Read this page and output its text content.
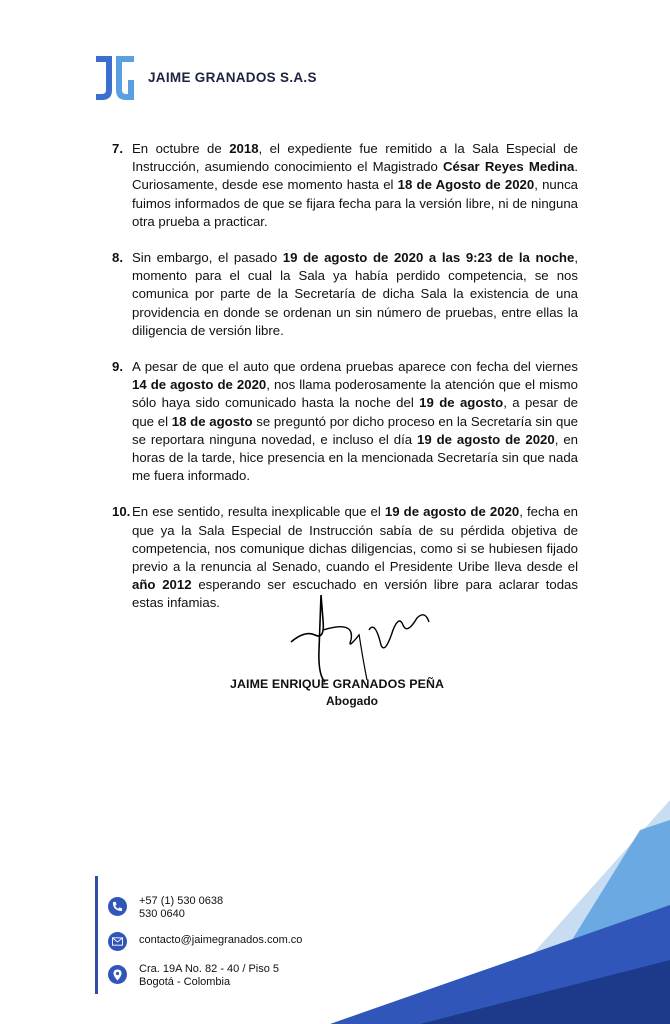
JAIME GRANADOS S.A.S
7. En octubre de 2018, el expediente fue remitido a la Sala Especial de Instrucción, asumiendo conocimiento el Magistrado César Reyes Medina. Curiosamente, desde ese momento hasta el 18 de Agosto de 2020, nunca fuimos informados de que se fijara fecha para la versión libre, ni de ninguna otra prueba a practicar.
8. Sin embargo, el pasado 19 de agosto de 2020 a las 9:23 de la noche, momento para el cual la Sala ya había perdido competencia, se nos comunica por parte de la Secretaría de dicha Sala la existencia de una providencia en donde se ordenan un sin número de pruebas, entre ellas la diligencia de versión libre.
9. A pesar de que el auto que ordena pruebas aparece con fecha del viernes 14 de agosto de 2020, nos llama poderosamente la atención que el mismo sólo haya sido comunicado hasta la noche del 19 de agosto, a pesar de que el 18 de agosto se preguntó por dicho proceso en la Secretaría sin que se reportara ninguna novedad, e incluso el día 19 de agosto de 2020, en horas de la tarde, hice presencia en la mencionada Secretaría sin que nada me fuera informado.
10. En ese sentido, resulta inexplicable que el 19 de agosto de 2020, fecha en que ya la Sala Especial de Instrucción sabía de su pérdida objetiva de competencia, nos comunique dichas diligencias, como si se hubiesen fijado previo a la renuncia al Senado, cuando el Presidente Uribe lleva desde el año 2012 esperando ser escuchado en versión libre para aclarar todas estas infamias.
JAIME ENRIQUE GRANADOS PEÑA
Abogado
+57 (1) 530 0638
530 0640
contacto@jaimegranados.com.co
Cra. 19A No. 82 - 40 / Piso 5
Bogotá - Colombia
